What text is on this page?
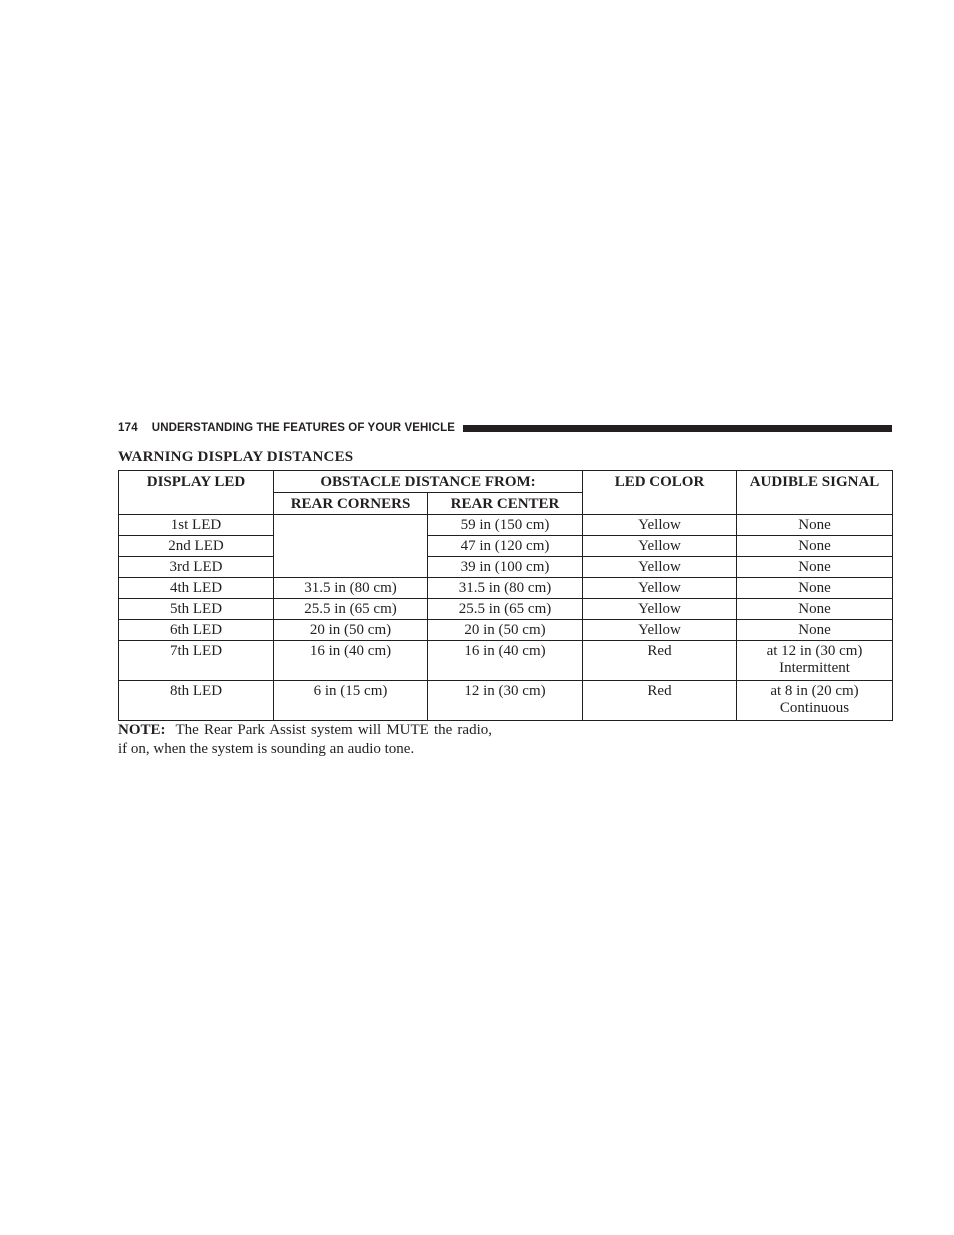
174 UNDERSTANDING THE FEATURES OF YOUR VEHICLE
WARNING DISPLAY DISTANCES
DISPLAY LED	OBSTACLE DISTANCE FROM:		LED COLOR	AUDIBLE SIGNAL
	REAR CORNERS	REAR CENTER		
1st LED		59 in (150 cm)	Yellow	None
2nd LED		47 in (120 cm)	Yellow	None
3rd LED		39 in (100 cm)	Yellow	None
4th LED	31.5 in (80 cm)	31.5 in (80 cm)	Yellow	None
5th LED	25.5 in (65 cm)	25.5 in (65 cm)	Yellow	None
6th LED	20 in (50 cm)	20 in (50 cm)	Yellow	None
7th LED	16 in (40 cm)	16 in (40 cm)	Red	at 12 in (30 cm)
Intermittent

8th LED	6 in (15 cm)	12 in (30 cm)	Red	at 8 in (20 cm)
Continuous
NOTE: The Rear Park Assist system will MUTE the radio, if on, when the system is sounding an audio tone.
